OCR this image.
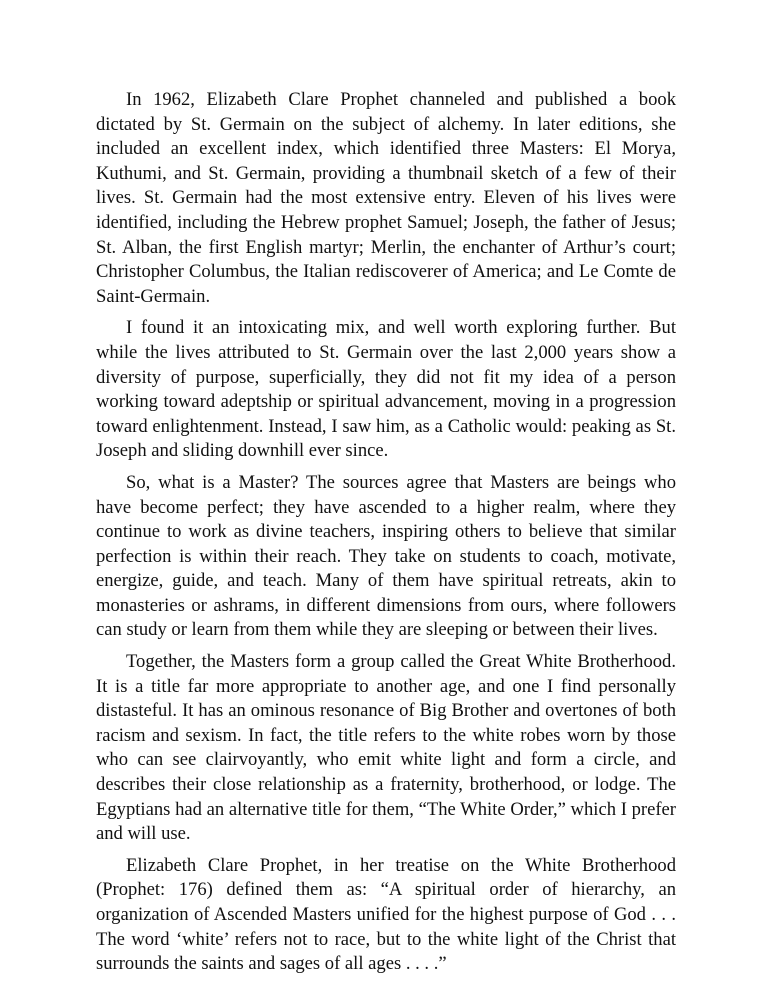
In 1962, Elizabeth Clare Prophet channeled and published a book dictated by St. Germain on the subject of alchemy. In later editions, she included an excellent index, which identified three Masters: El Morya, Kuthumi, and St. Germain, providing a thumbnail sketch of a few of their lives. St. Germain had the most extensive entry. Eleven of his lives were identified, including the Hebrew prophet Samuel; Joseph, the father of Jesus; St. Alban, the first English martyr; Merlin, the enchanter of Arthur’s court; Christopher Columbus, the Italian rediscoverer of America; and Le Comte de Saint-Germain.

I found it an intoxicating mix, and well worth exploring further. But while the lives attributed to St. Germain over the last 2,000 years show a diversity of purpose, superficially, they did not fit my idea of a person working toward adeptship or spiritual advancement, moving in a progression toward enlightenment. Instead, I saw him, as a Catholic would: peaking as St. Joseph and sliding downhill ever since.

So, what is a Master? The sources agree that Masters are beings who have become perfect; they have ascended to a higher realm, where they continue to work as divine teachers, inspiring others to believe that similar perfection is within their reach. They take on students to coach, motivate, energize, guide, and teach. Many of them have spiritual retreats, akin to monasteries or ashrams, in different dimensions from ours, where followers can study or learn from them while they are sleeping or between their lives.

Together, the Masters form a group called the Great White Brotherhood. It is a title far more appropriate to another age, and one I find personally distasteful. It has an ominous resonance of Big Brother and overtones of both racism and sexism. In fact, the title refers to the white robes worn by those who can see clairvoyantly, who emit white light and form a circle, and describes their close relationship as a fraternity, brotherhood, or lodge. The Egyptians had an alternative title for them, “The White Order,” which I prefer and will use.

Elizabeth Clare Prophet, in her treatise on the White Brotherhood (Prophet: 176) defined them as: “A spiritual order of hierarchy, an organization of Ascended Masters unified for the highest purpose of God . . . The word ‘white’ refers not to race, but to the white light of the Christ that surrounds the saints and sages of all ages . . . .”
